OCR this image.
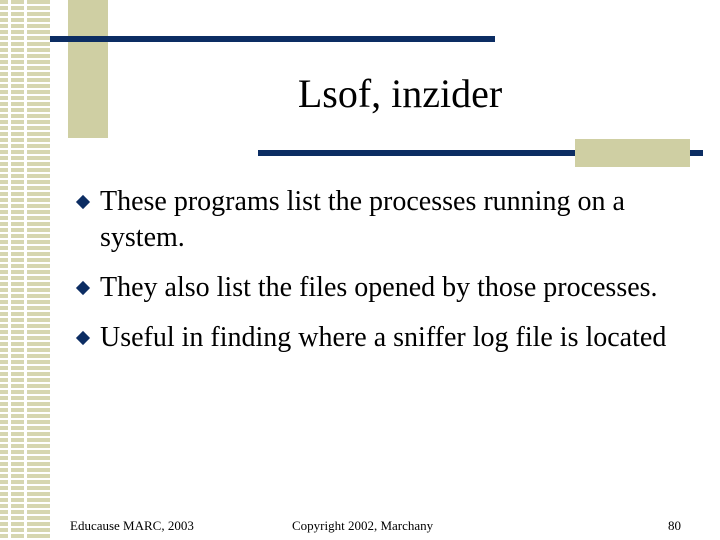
Lsof, inzider
These programs list the processes running on a system.
They also list the files opened by those processes.
Useful in finding where a sniffer log file is located
Educause MARC, 2003	Copyright 2002, Marchany	80
